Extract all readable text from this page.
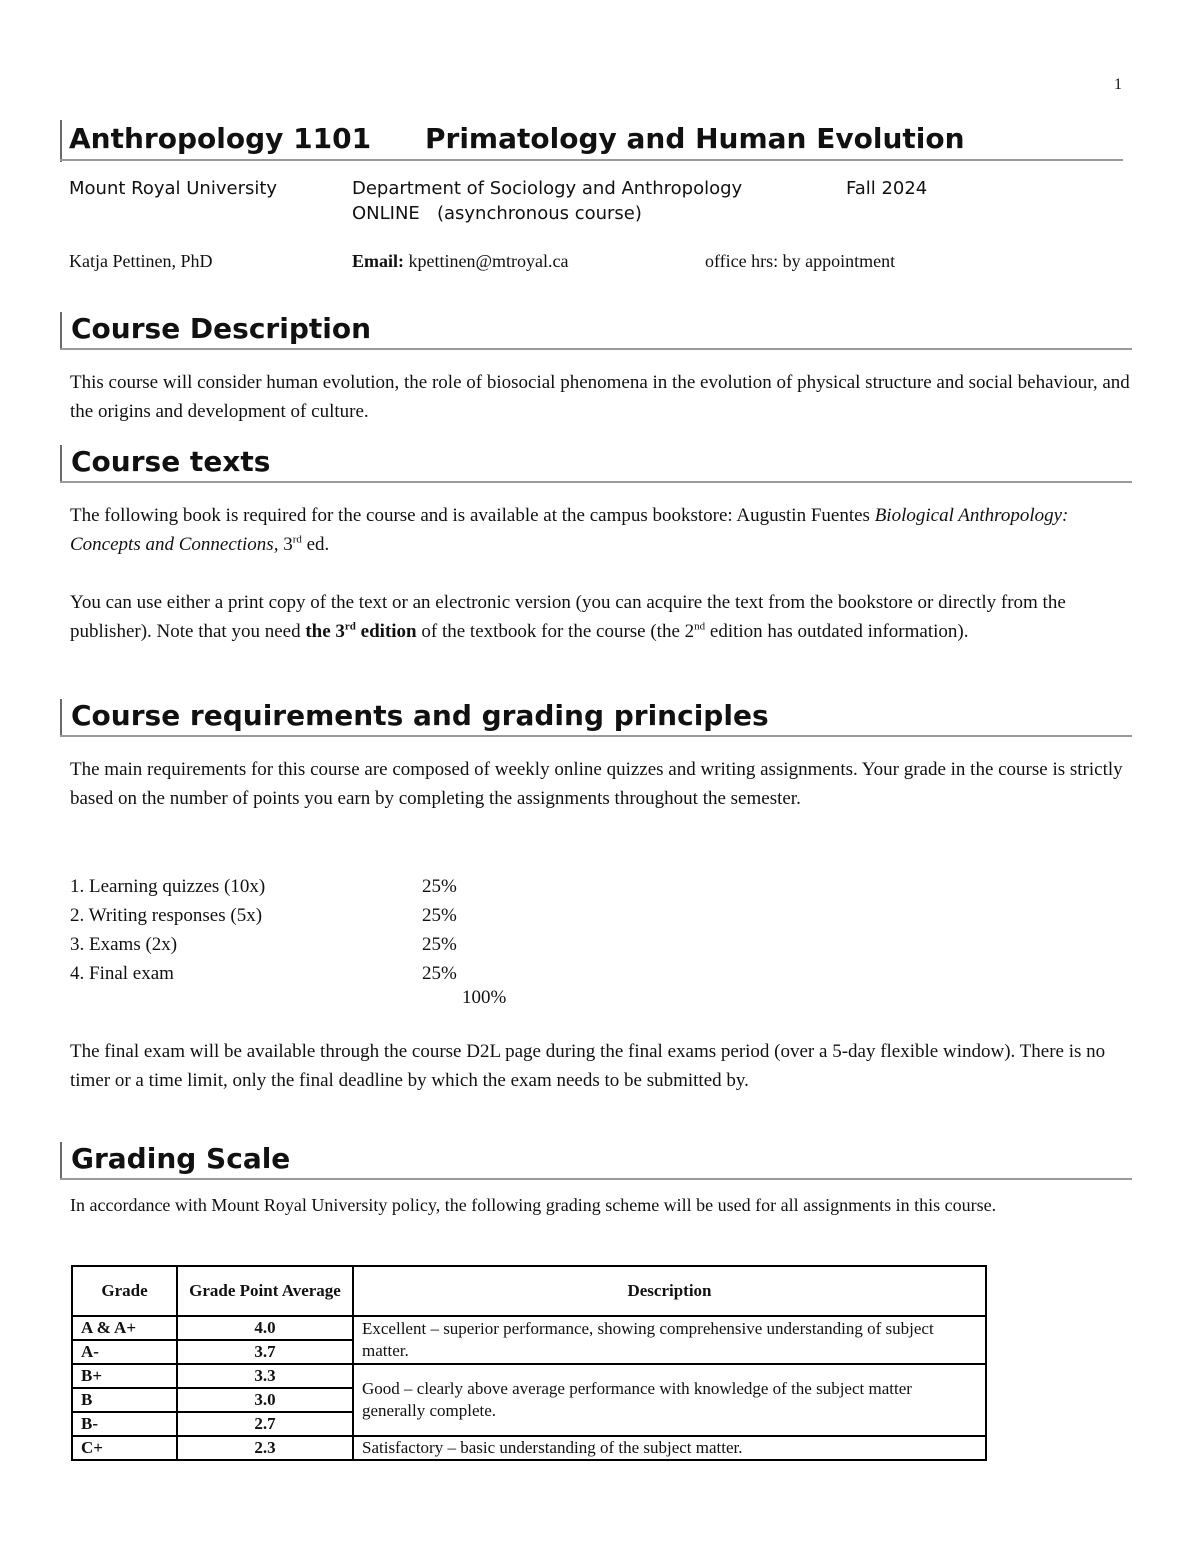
1
Anthropology 1101 Primatology and Human Evolution
Mount Royal University	Department of Sociology and Anthropology	Fall 2024
ONLINE   (asynchronous course)
Katja Pettinen, PhD	Email: kpettinen@mtroyal.ca	office hrs: by appointment
Course Description
This course will consider human evolution, the role of biosocial phenomena in the evolution of physical structure and social behaviour, and the origins and development of culture.
Course texts
The following book is required for the course and is available at the campus bookstore: Augustin Fuentes Biological Anthropology: Concepts and Connections, 3rd ed.
You can use either a print copy of the text or an electronic version (you can acquire the text from the bookstore or directly from the publisher). Note that you need the 3rd edition of the textbook for the course (the 2nd edition has outdated information).
Course requirements and grading principles
The main requirements for this course are composed of weekly online quizzes and writing assignments. Your grade in the course is strictly based on the number of points you earn by completing the assignments throughout the semester.
1. Learning quizzes (10x)	25%
2. Writing responses (5x)	25%
3. Exams (2x)	25%
4. Final exam	25%
100%
The final exam will be available through the course D2L page during the final exams period (over a 5-day flexible window). There is no timer or a time limit, only the final deadline by which the exam needs to be submitted by.
Grading Scale
In accordance with Mount Royal University policy, the following grading scheme will be used for all assignments in this course.
Grade	Grade Point Average	Description
A & A+	4.0	Excellent – superior performance, showing comprehensive understanding of subject matter.
A-	3.7	
B+	3.3	Good – clearly above average performance with knowledge of the subject matter generally complete.
B	3.0	
B-	2.7	
C+	2.3	Satisfactory – basic understanding of the subject matter.
